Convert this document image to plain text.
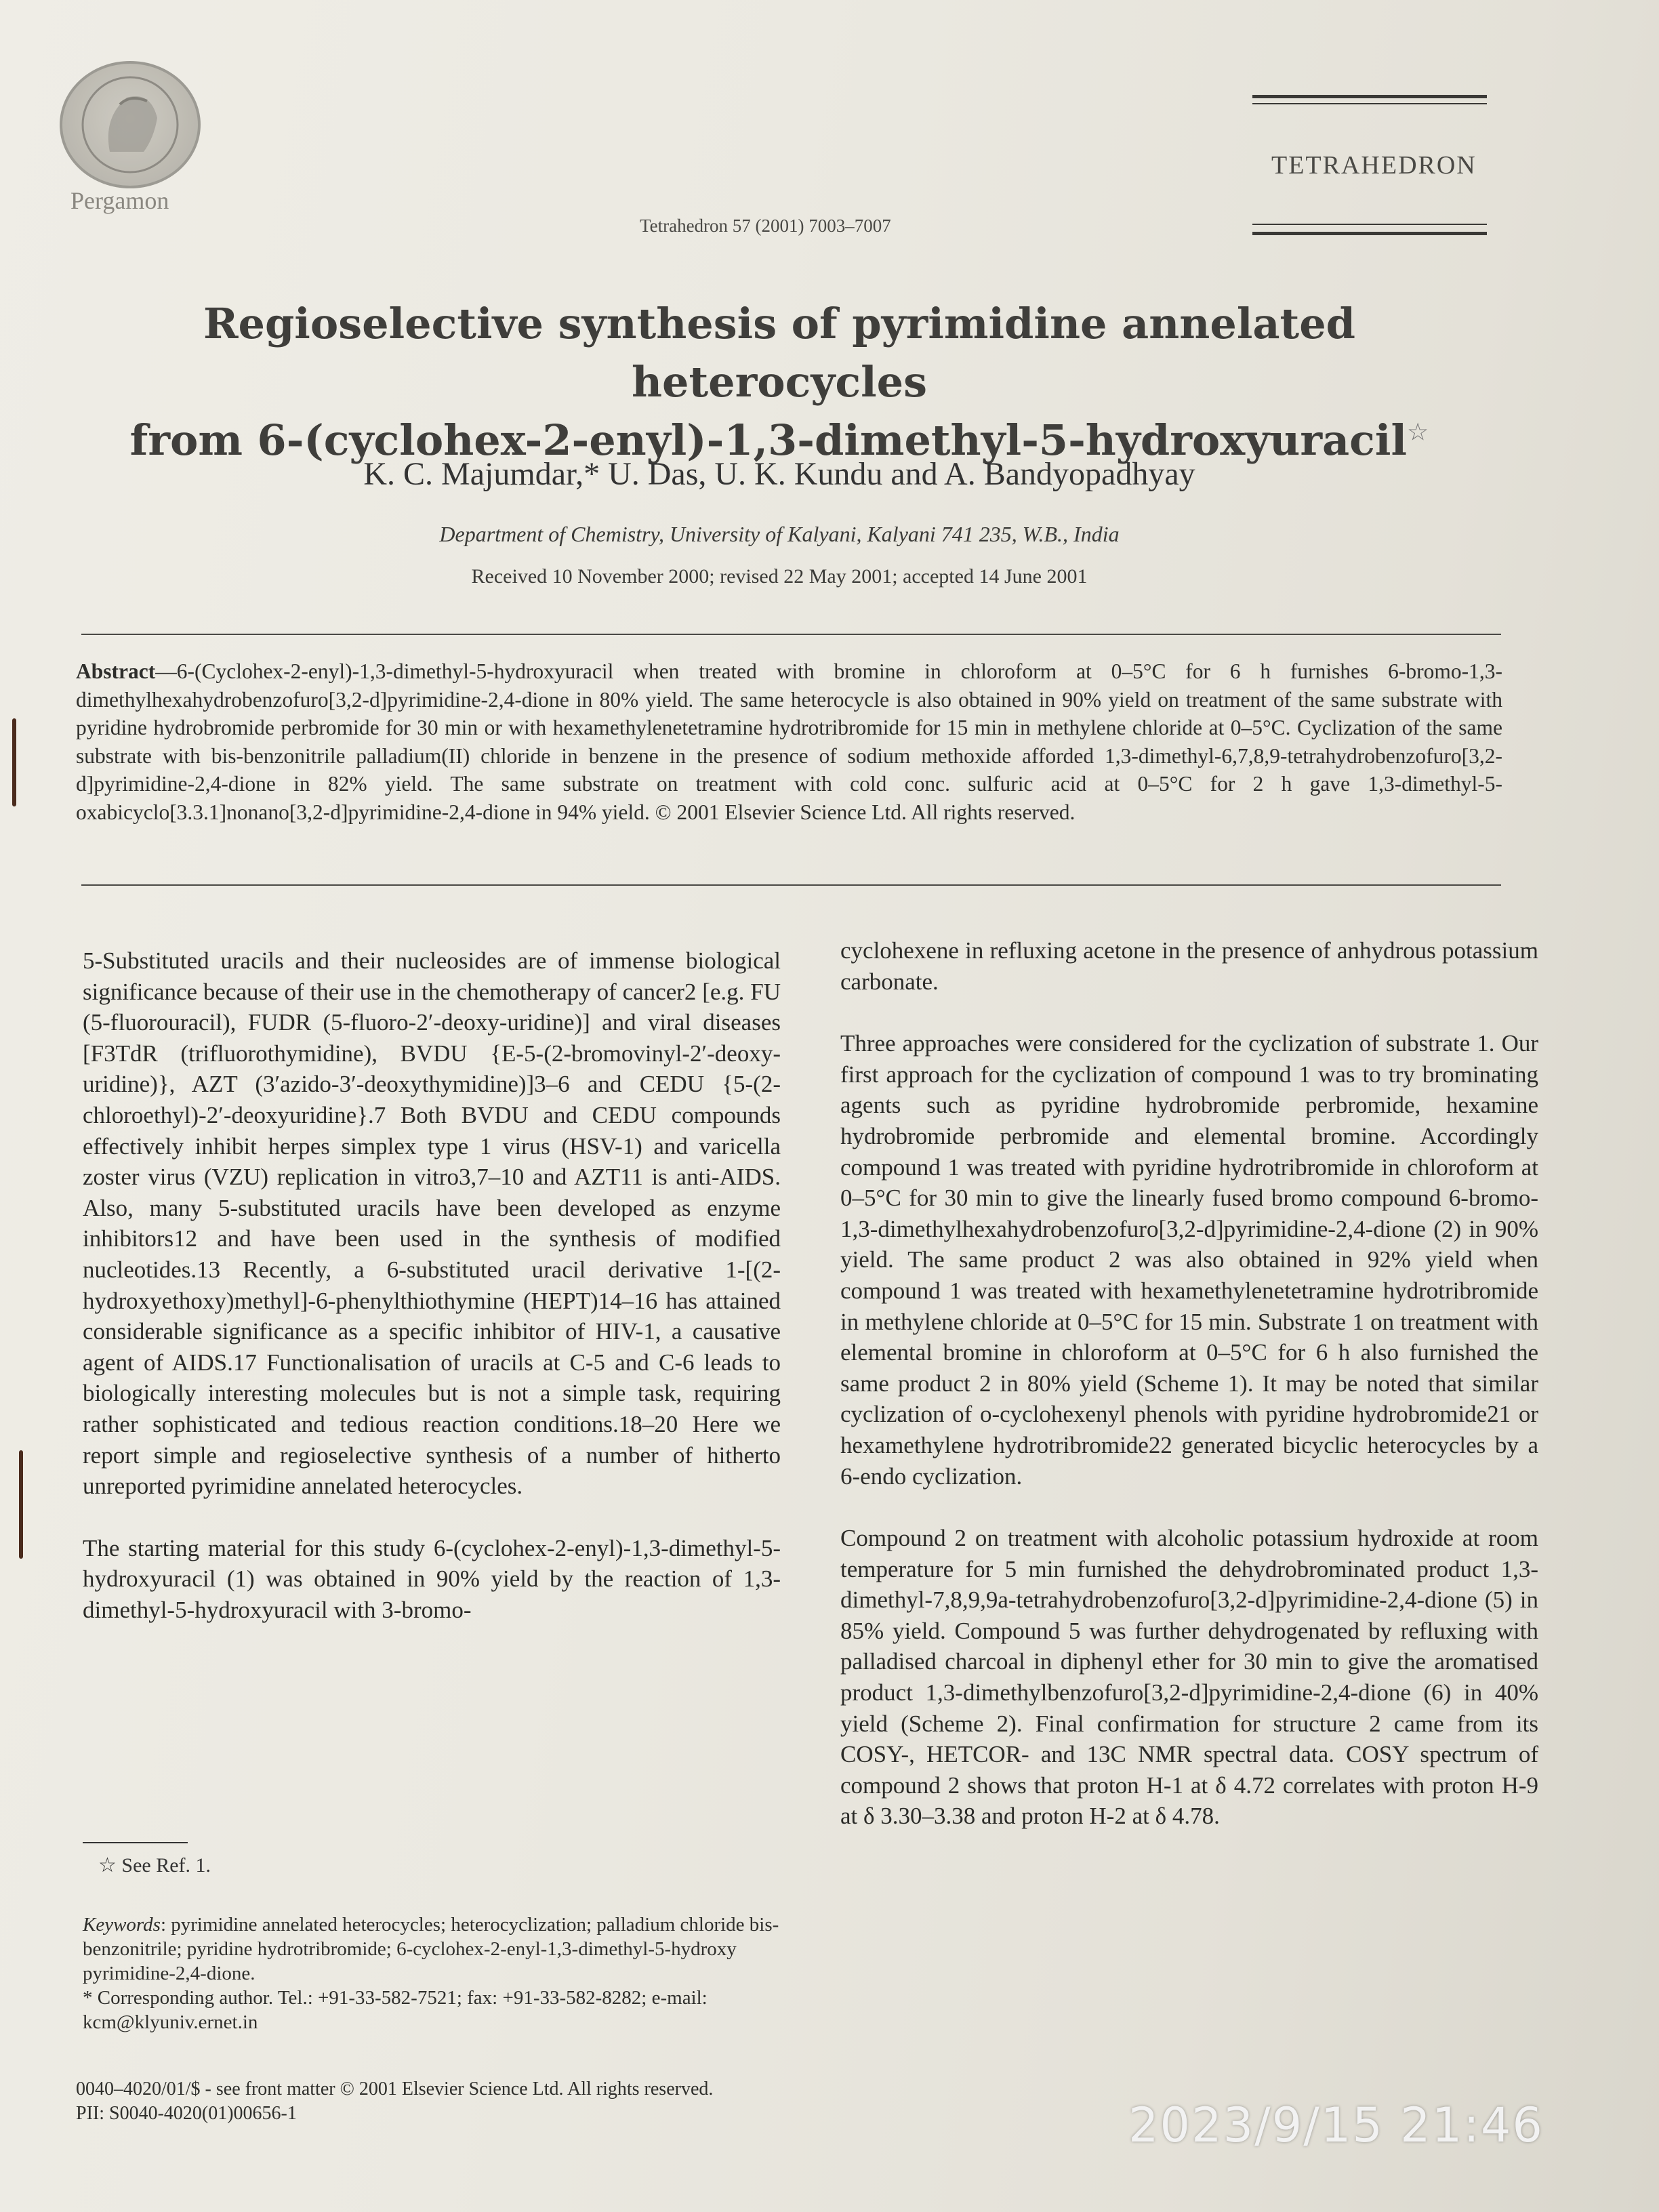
Pergamon
TETRAHEDRON
Tetrahedron 57 (2001) 7003–7007
Regioselective synthesis of pyrimidine annelated heterocycles
from 6-(cyclohex-2-enyl)-1,3-dimethyl-5-hydroxyuracil☆
K. C. Majumdar,* U. Das, U. K. Kundu and A. Bandyopadhyay
Department of Chemistry, University of Kalyani, Kalyani 741 235, W.B., India
Received 10 November 2000; revised 22 May 2001; accepted 14 June 2001
Abstract—6-(Cyclohex-2-enyl)-1,3-dimethyl-5-hydroxyuracil when treated with bromine in chloroform at 0–5°C for 6 h furnishes 6-bromo-1,3-dimethylhexahydrobenzofuro[3,2-d]pyrimidine-2,4-dione in 80% yield. The same heterocycle is also obtained in 90% yield on treatment of the same substrate with pyridine hydrobromide perbromide for 30 min or with hexamethylenetetramine hydrotribromide for 15 min in methylene chloride at 0–5°C. Cyclization of the same substrate with bis-benzonitrile palladium(II) chloride in benzene in the presence of sodium methoxide afforded 1,3-dimethyl-6,7,8,9-tetrahydrobenzofuro[3,2-d]pyrimidine-2,4-dione in 82% yield. The same substrate on treatment with cold conc. sulfuric acid at 0–5°C for 2 h gave 1,3-dimethyl-5-oxabicyclo[3.3.1]nonano[3,2-d]pyrimidine-2,4-dione in 94% yield. © 2001 Elsevier Science Ltd. All rights reserved.

5-Substituted uracils and their nucleosides are of immense biological significance because of their use in the chemotherapy of cancer2 [e.g. FU (5-fluorouracil), FUDR (5-fluoro-2′-deoxy-uridine)] and viral diseases [F3TdR (trifluorothymidine), BVDU {E-5-(2-bromovinyl-2′-deoxy-uridine)}, AZT (3′azido-3′-deoxythymidine)]3–6 and CEDU {5-(2-chloroethyl)-2′-deoxyuridine}.7 Both BVDU and CEDU compounds effectively inhibit herpes simplex type 1 virus (HSV-1) and varicella zoster virus (VZU) replication in vitro3,7–10 and AZT11 is anti-AIDS. Also, many 5-substituted uracils have been developed as enzyme inhibitors12 and have been used in the synthesis of modified nucleotides.13 Recently, a 6-substituted uracil derivative 1-[(2-hydroxyethoxy)methyl]-6-phenylthiothymine (HEPT)14–16 has attained considerable significance as a specific inhibitor of HIV-1, a causative agent of AIDS.17 Functionalisation of uracils at C-5 and C-6 leads to biologically interesting molecules but is not a simple task, requiring rather sophisticated and tedious reaction conditions.18–20 Here we report simple and regioselective synthesis of a number of hitherto unreported pyrimidine annelated heterocycles.

The starting material for this study 6-(cyclohex-2-enyl)-1,3-dimethyl-5-hydroxyuracil (1) was obtained in 90% yield by the reaction of 1,3-dimethyl-5-hydroxyuracil with 3-bromo-

cyclohexene in refluxing acetone in the presence of anhydrous potassium carbonate.

Three approaches were considered for the cyclization of substrate 1. Our first approach for the cyclization of compound 1 was to try brominating agents such as pyridine hydrobromide perbromide, hexamine hydrobromide perbromide and elemental bromine. Accordingly compound 1 was treated with pyridine hydrotribromide in chloroform at 0–5°C for 30 min to give the linearly fused bromo compound 6-bromo-1,3-dimethylhexahydrobenzofuro[3,2-d]pyrimidine-2,4-dione (2) in 90% yield. The same product 2 was also obtained in 92% yield when compound 1 was treated with hexamethylenetetramine hydrotribromide in methylene chloride at 0–5°C for 15 min. Substrate 1 on treatment with elemental bromine in chloroform at 0–5°C for 6 h also furnished the same product 2 in 80% yield (Scheme 1). It may be noted that similar cyclization of o-cyclohexenyl phenols with pyridine hydrobromide21 or hexamethylene hydrotribromide22 generated bicyclic heterocycles by a 6-endo cyclization.

Compound 2 on treatment with alcoholic potassium hydroxide at room temperature for 5 min furnished the dehydrobrominated product 1,3-dimethyl-7,8,9,9a-tetrahydrobenzofuro[3,2-d]pyrimidine-2,4-dione (5) in 85% yield. Compound 5 was further dehydrogenated by refluxing with palladised charcoal in diphenyl ether for 30 min to give the aromatised product 1,3-dimethylbenzofuro[3,2-d]pyrimidine-2,4-dione (6) in 40% yield (Scheme 2). Final confirmation for structure 2 came from its COSY-, HETCOR- and 13C NMR spectral data. COSY spectrum of compound 2 shows that proton H-1 at δ 4.72 correlates with proton H-9 at δ 3.30–3.38 and proton H-2 at δ 4.78.

☆ See Ref. 1.
Keywords: pyrimidine annelated heterocycles; heterocyclization; palladium chloride bis-benzonitrile; pyridine hydrotribromide; 6-cyclohex-2-enyl-1,3-dimethyl-5-hydroxy pyrimidine-2,4-dione.
* Corresponding author. Tel.: +91-33-582-7521; fax: +91-33-582-8282; e-mail: kcm@klyuniv.ernet.in
0040–4020/01/$ - see front matter © 2001 Elsevier Science Ltd. All rights reserved.
PII: S0040-4020(01)00656-1	2023/9/15 21:46
